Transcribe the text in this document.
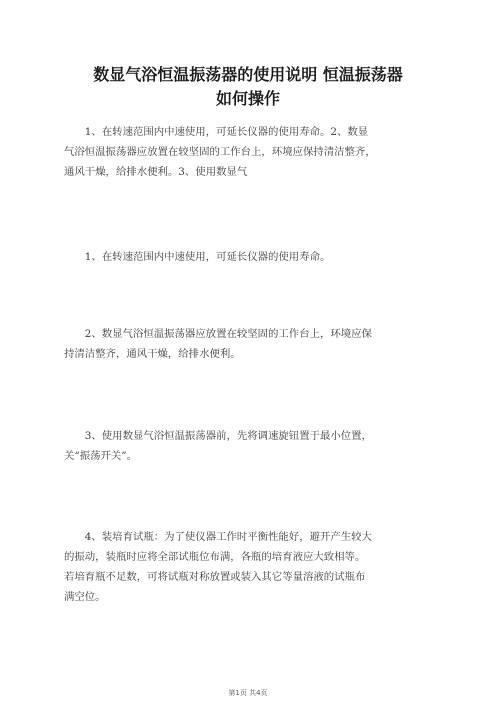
数显气浴恒温振荡器的使用说明 恒温振荡器
如何操作
　　1、在转速范围内中速使用，可延长仪器的使用寿命。2、数显
气浴恒温振荡器应放置在较坚固的工作台上，环境应保持清洁整齐，
通风干燥，给排水便利。3、使用数显气
　　1、在转速范围内中速使用，可延长仪器的使用寿命。
　　2、数显气浴恒温振荡器应放置在较坚固的工作台上，环境应保
持清洁整齐，通风干燥，给排水便利。
　　3、使用数显气浴恒温振荡器前，先将调速旋钮置于最小位置，
关“振荡开关”。
　　4、装培育试瓶：为了使仪器工作时平衡性能好，避开产生较大
的振动，装瓶时应将全部试瓶位布满，各瓶的培育液应大致相等。
若培育瓶不足数，可将试瓶对称放置或装入其它等量溶液的试瓶布
满空位。
第1页 共4页
